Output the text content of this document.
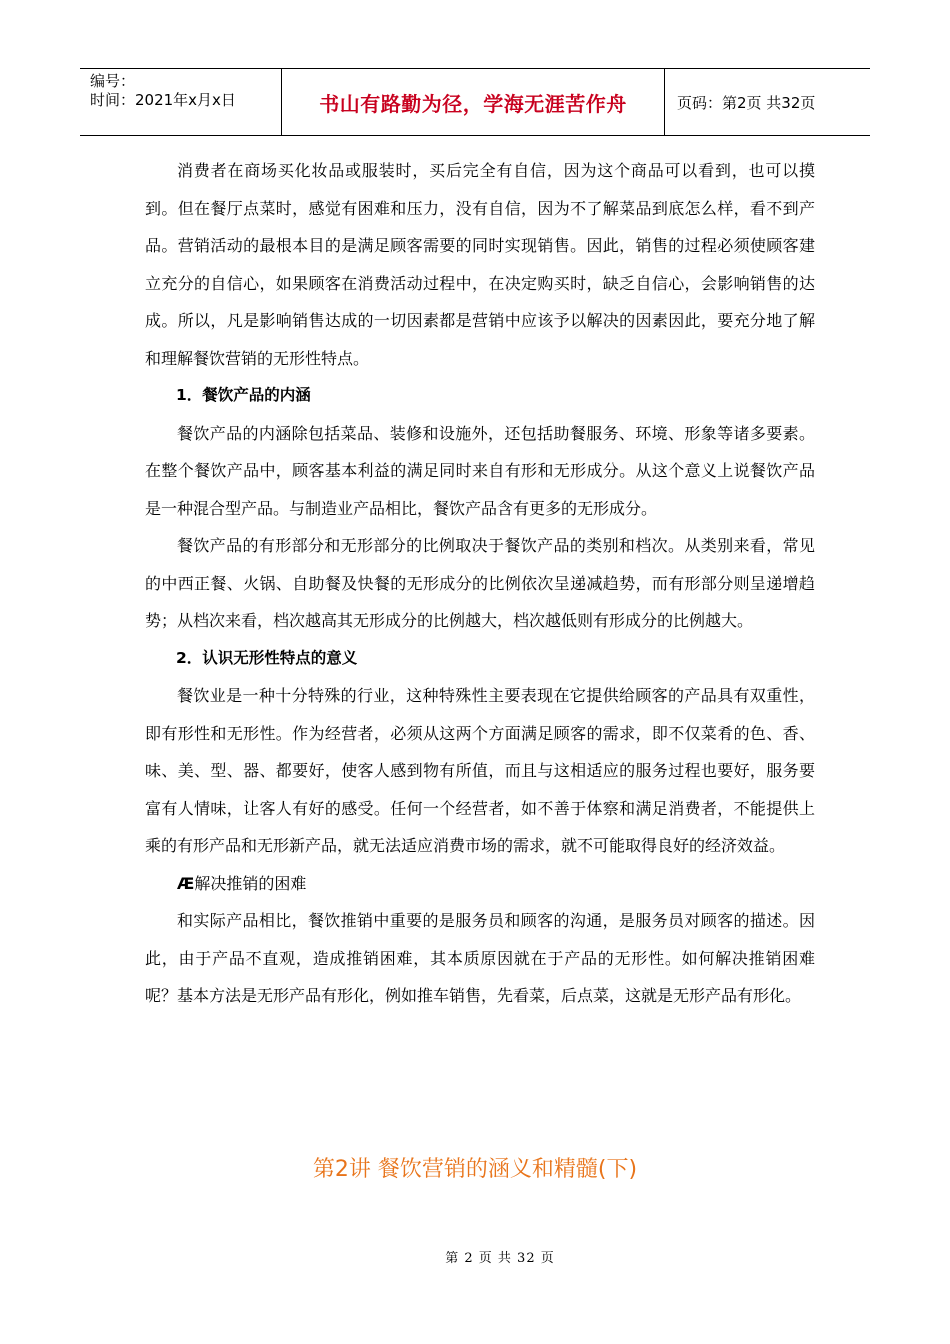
编号：
时间：2021年x月x日	书山有路勤为径，学海无涯苦作舟	页码：第2页 共32页

消费者在商场买化妆品或服装时，买后完全有自信，因为这个商品可以看到，也可以摸到。但在餐厅点菜时，感觉有困难和压力，没有自信，因为不了解菜品到底怎么样，看不到产品。营销活动的最根本目的是满足顾客需要的同时实现销售。因此，销售的过程必须使顾客建立充分的自信心，如果顾客在消费活动过程中，在决定购买时，缺乏自信心，会影响销售的达成。所以，凡是影响销售达成的一切因素都是营销中应该予以解决的因素因此，要充分地了解和理解餐饮营销的无形性特点。

1．餐饮产品的内涵

餐饮产品的内涵除包括菜品、装修和设施外，还包括助餐服务、环境、形象等诸多要素。在整个餐饮产品中，顾客基本利益的满足同时来自有形和无形成分。从这个意义上说餐饮产品是一种混合型产品。与制造业产品相比，餐饮产品含有更多的无形成分。

餐饮产品的有形部分和无形部分的比例取决于餐饮产品的类别和档次。从类别来看，常见的中西正餐、火锅、自助餐及快餐的无形成分的比例依次呈递减趋势，而有形部分则呈递增趋势；从档次来看，档次越高其无形成分的比例越大，档次越低则有形成分的比例越大。

2．认识无形性特点的意义

餐饮业是一种十分特殊的行业，这种特殊性主要表现在它提供给顾客的产品具有双重性，即有形性和无形性。作为经营者，必须从这两个方面满足顾客的需求，即不仅菜肴的色、香、味、美、型、器、都要好，使客人感到物有所值，而且与这相适应的服务过程也要好，服务要富有人情味，让客人有好的感受。任何一个经营者，如不善于体察和满足消费者，不能提供上乘的有形产品和无形新产品，就无法适应消费市场的需求，就不可能取得良好的经济效益。

Æ解决推销的困难

和实际产品相比，餐饮推销中重要的是服务员和顾客的沟通，是服务员对顾客的描述。因此，由于产品不直观，造成推销困难，其本质原因就在于产品的无形性。如何解决推销困难呢？基本方法是无形产品有形化，例如推车销售，先看菜，后点菜，这就是无形产品有形化。

第2讲 餐饮营销的涵义和精髓(下)
第 2 页 共 32 页
